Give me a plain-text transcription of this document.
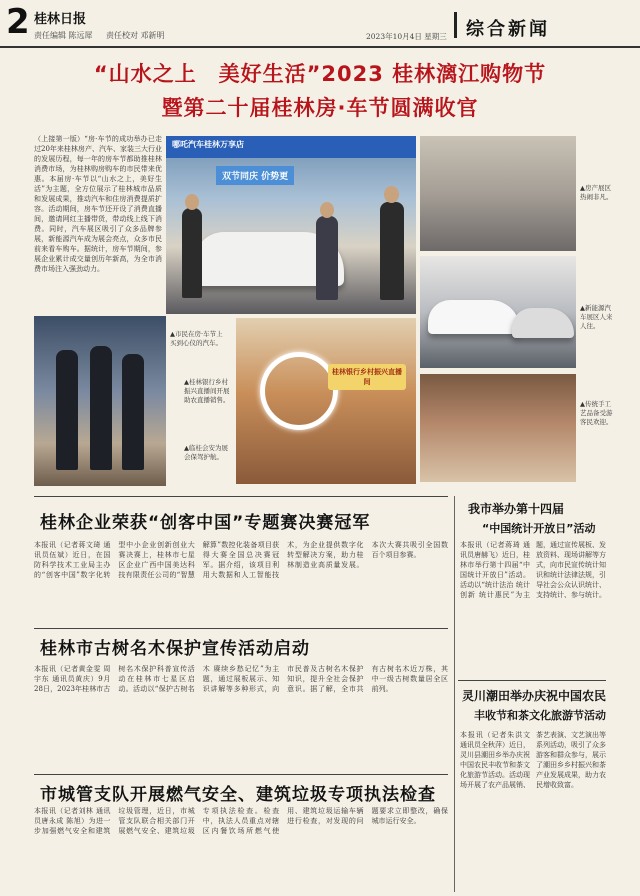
2 桂林日报
责任编辑 陈远犀 责任校对 邓新明	2023年10月4日 星期三 综合新闻
“山水之上　美好生活”2023 桂林漓江购物节
暨第二十届桂林房·车节圆满收官
（上接第一版）“房·车节的成功举办已走过20年来桂林房产、汽车、家装三大行业的发展历程，每一年的房车节都助推桂林消费市场，为桂林购房购车的市民带来优惠。本届房·车节以“山水之上，美好生活”为主题，全方位展示了桂林城市品质和发展成果，推动汽车和住房消费提质扩容。活动期间，房车节还开设了消费直播间，邀请网红主播带货，带动线上线下消费。同时，汽车展区吸引了众多品牌参展，新能源汽车成为展会亮点，众多市民前来看车购车。据统计，房车节期间，参展企业累计成交量创历年新高，为全市消费市场注入强劲动力。
哪吒汽车桂林万享店
双节同庆 价势更
▲房产展区热闹非凡。
▲新能源汽车展区人来人往。
▲传统手工艺品备受游客民欢迎。
▲市民在房·车节上买到心仪的汽车。
▲桂林银行乡村振兴直播间开展助农直播销售。
▲临桂会安为展会保驾护航。
桂林银行乡村振兴直播间
桂林企业荣获“创客中国”专题赛决赛冠军
本报讯（记者蒋文琦 通讯员伍斌）近日，在国防科学技术工业局主办的“创客中国”数字化转型中小企业创新创业大赛决赛上，桂林市七星区企业广西中国美达科技有限责任公司的“智慧解算”数控化装备项目获得大赛全国总决赛冠军。据介绍，该项目利用大数据和人工智能技术，为企业提供数字化转型解决方案，助力桂林制造业高质量发展。本次大赛共吸引全国数百个项目参赛。
桂林市古树名木保护宣传活动启动
本报讯（记者黄金雯 周宇东 通讯员黄庆）9月28日，2023年桂林市古树名木保护科普宣传活动在桂林市七星区启动。活动以“保护古树名木 赓续乡愁记忆”为主题，通过展板展示、知识讲解等多种形式，向市民普及古树名木保护知识，提升全社会保护意识。据了解，全市共有古树名木近万株，其中一级古树数量居全区前列。
市城管支队开展燃气安全、建筑垃圾专项执法检查
本报讯（记者刘林 通讯员唐永成 陈旭）为进一步加强燃气安全和建筑垃圾管理，近日，市城管支队联合相关部门开展燃气安全、建筑垃圾专项执法检查。检查中，执法人员重点对辖区内餐饮场所燃气使用、建筑垃圾运输车辆进行检查，对发现的问题要求立即整改，确保城市运行安全。
我市举办第十四届
“中国统计开放日”活动
本报讯（记者蒋琦 通讯员唐赫飞）近日，桂林市举行第十四届“中国统计开放日”活动。活动以“统计法治 统计创新 统计惠民”为主题，通过宣传展板、发放资料、现场讲解等方式，向市民宣传统计知识和统计法律法规，引导社会公众认识统计、支持统计、参与统计。
灵川潮田举办庆祝中国农民
丰收节和茶文化旅游节活动
本报讯（记者朱洪文 通讯员全秋萍）近日，灵川县潮田乡举办庆祝中国农民丰收节和茶文化旅游节活动。活动现场开展了农产品展销、茶艺表演、文艺演出等系列活动，吸引了众多游客和群众参与，展示了潮田乡乡村振兴和茶产业发展成果，助力农民增收致富。
